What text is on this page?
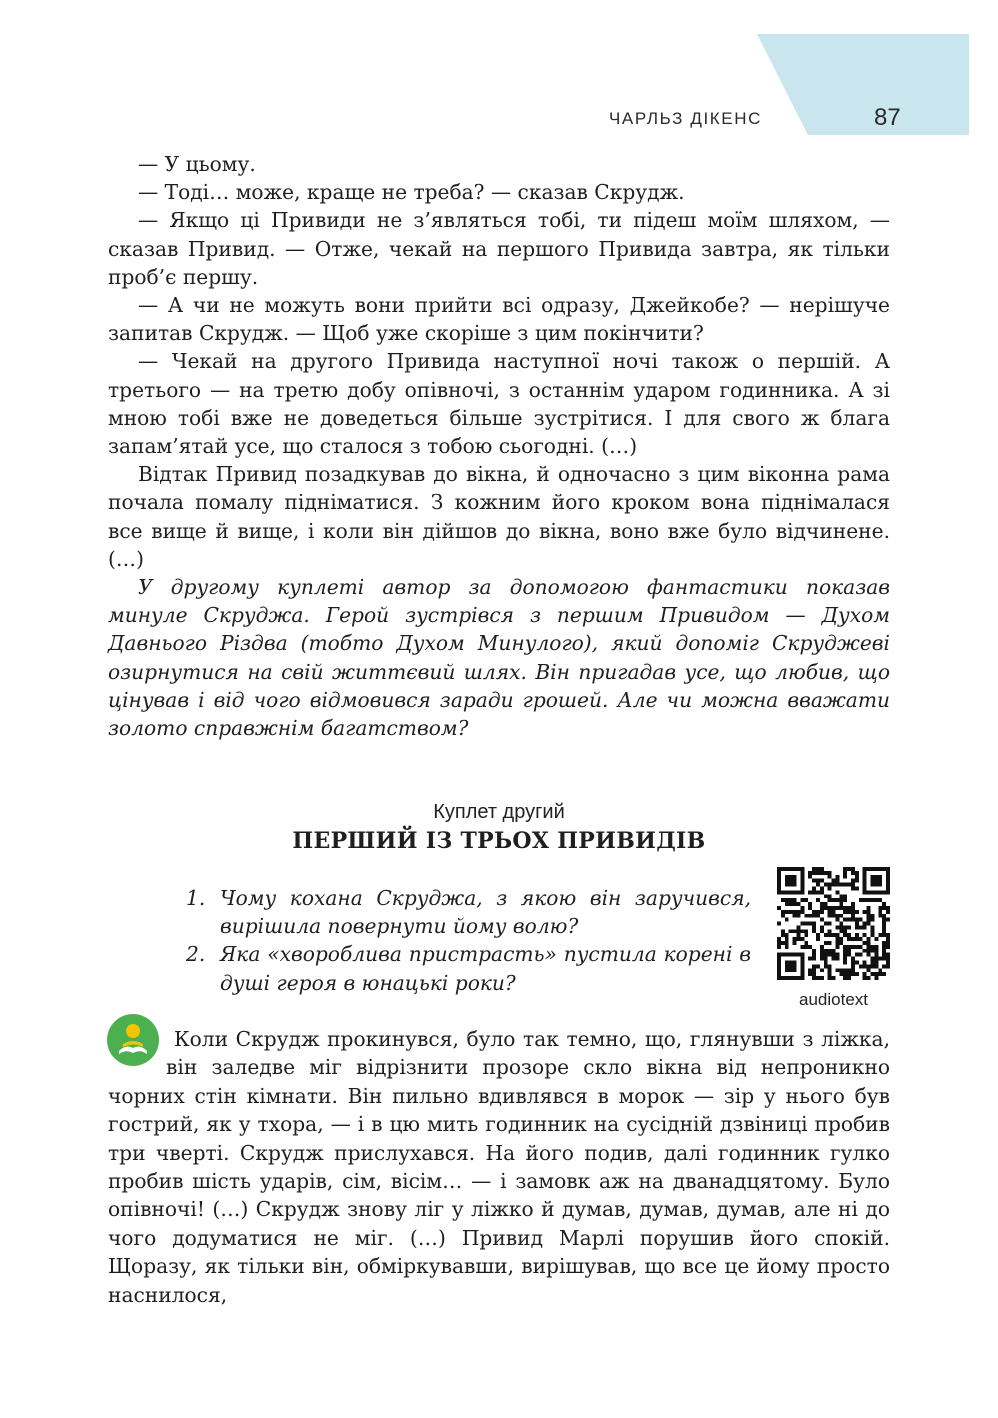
ЧАРЛЬЗ ДІКЕНС	87

— У цьому.

— Тоді… може, краще не треба? — сказав Скрудж.

— Якщо ці Привиди не з’являться тобі, ти підеш моїм шляхом, — сказав Привид. — Отже, чекай на першого Привида завтра, як тільки проб’є першу.

— А чи не можуть вони прийти всі одразу, Джейкобе? — нерішуче запитав Скрудж. — Щоб уже скоріше з цим покінчити?

— Чекай на другого Привида наступної ночі також о першій. А третього — на третю добу опівночі, з останнім ударом годинника. А зі мною тобі вже не доведеться більше зустрітися. І для свого ж блага запам’ятай усе, що сталося з тобою сьогодні. (…)

Відтак Привид позадкував до вікна, й одночасно з цим віконна рама почала помалу підніматися. З кожним його кроком вона піднімалася все вище й вище, і коли він дійшов до вікна, воно вже було відчинене. (…)

У другому куплеті автор за допомогою фантастики показав минуле Скруджа. Герой зустрівся з першим Привидом — Духом Давнього Різдва (тобто Духом Минулого), який допоміг Скруджеві озирнутися на свій життєвий шлях. Він пригадав усе, що любив, що цінував і від чого відмовився заради грошей. Але чи можна вважати золото справжнім багатством?

Куплет другий
ПЕРШИЙ ІЗ ТРЬОХ ПРИВИДІВ
1. Чому кохана Скруджа, з якою він заручився, вирішила повернути йому волю?
2. Яка «хвороблива пристрасть» пустила корені в душі героя в юнацькі роки?
audiotext

Коли Скрудж прокинувся, було так темно, що, глянувши з ліжка, він заледве міг відрізнити прозоре скло вікна від непроникно чорних стін кімнати. Він пильно вдивлявся в морок — зір у нього був гострий, як у тхора, — і в цю мить годинник на сусідній дзвіниці пробив три чверті. Скрудж прислухався. На його подив, далі годинник гулко пробив шість ударів, сім, вісім… — і замовк аж на дванадцятому. Було опівночі! (…) Скрудж знову ліг у ліжко й думав, думав, думав, але ні до чого додуматися не міг. (…) Привид Марлі порушив його спокій. Щоразу, як тільки він, обміркувавши, вирішував, що все це йому просто наснилося,
